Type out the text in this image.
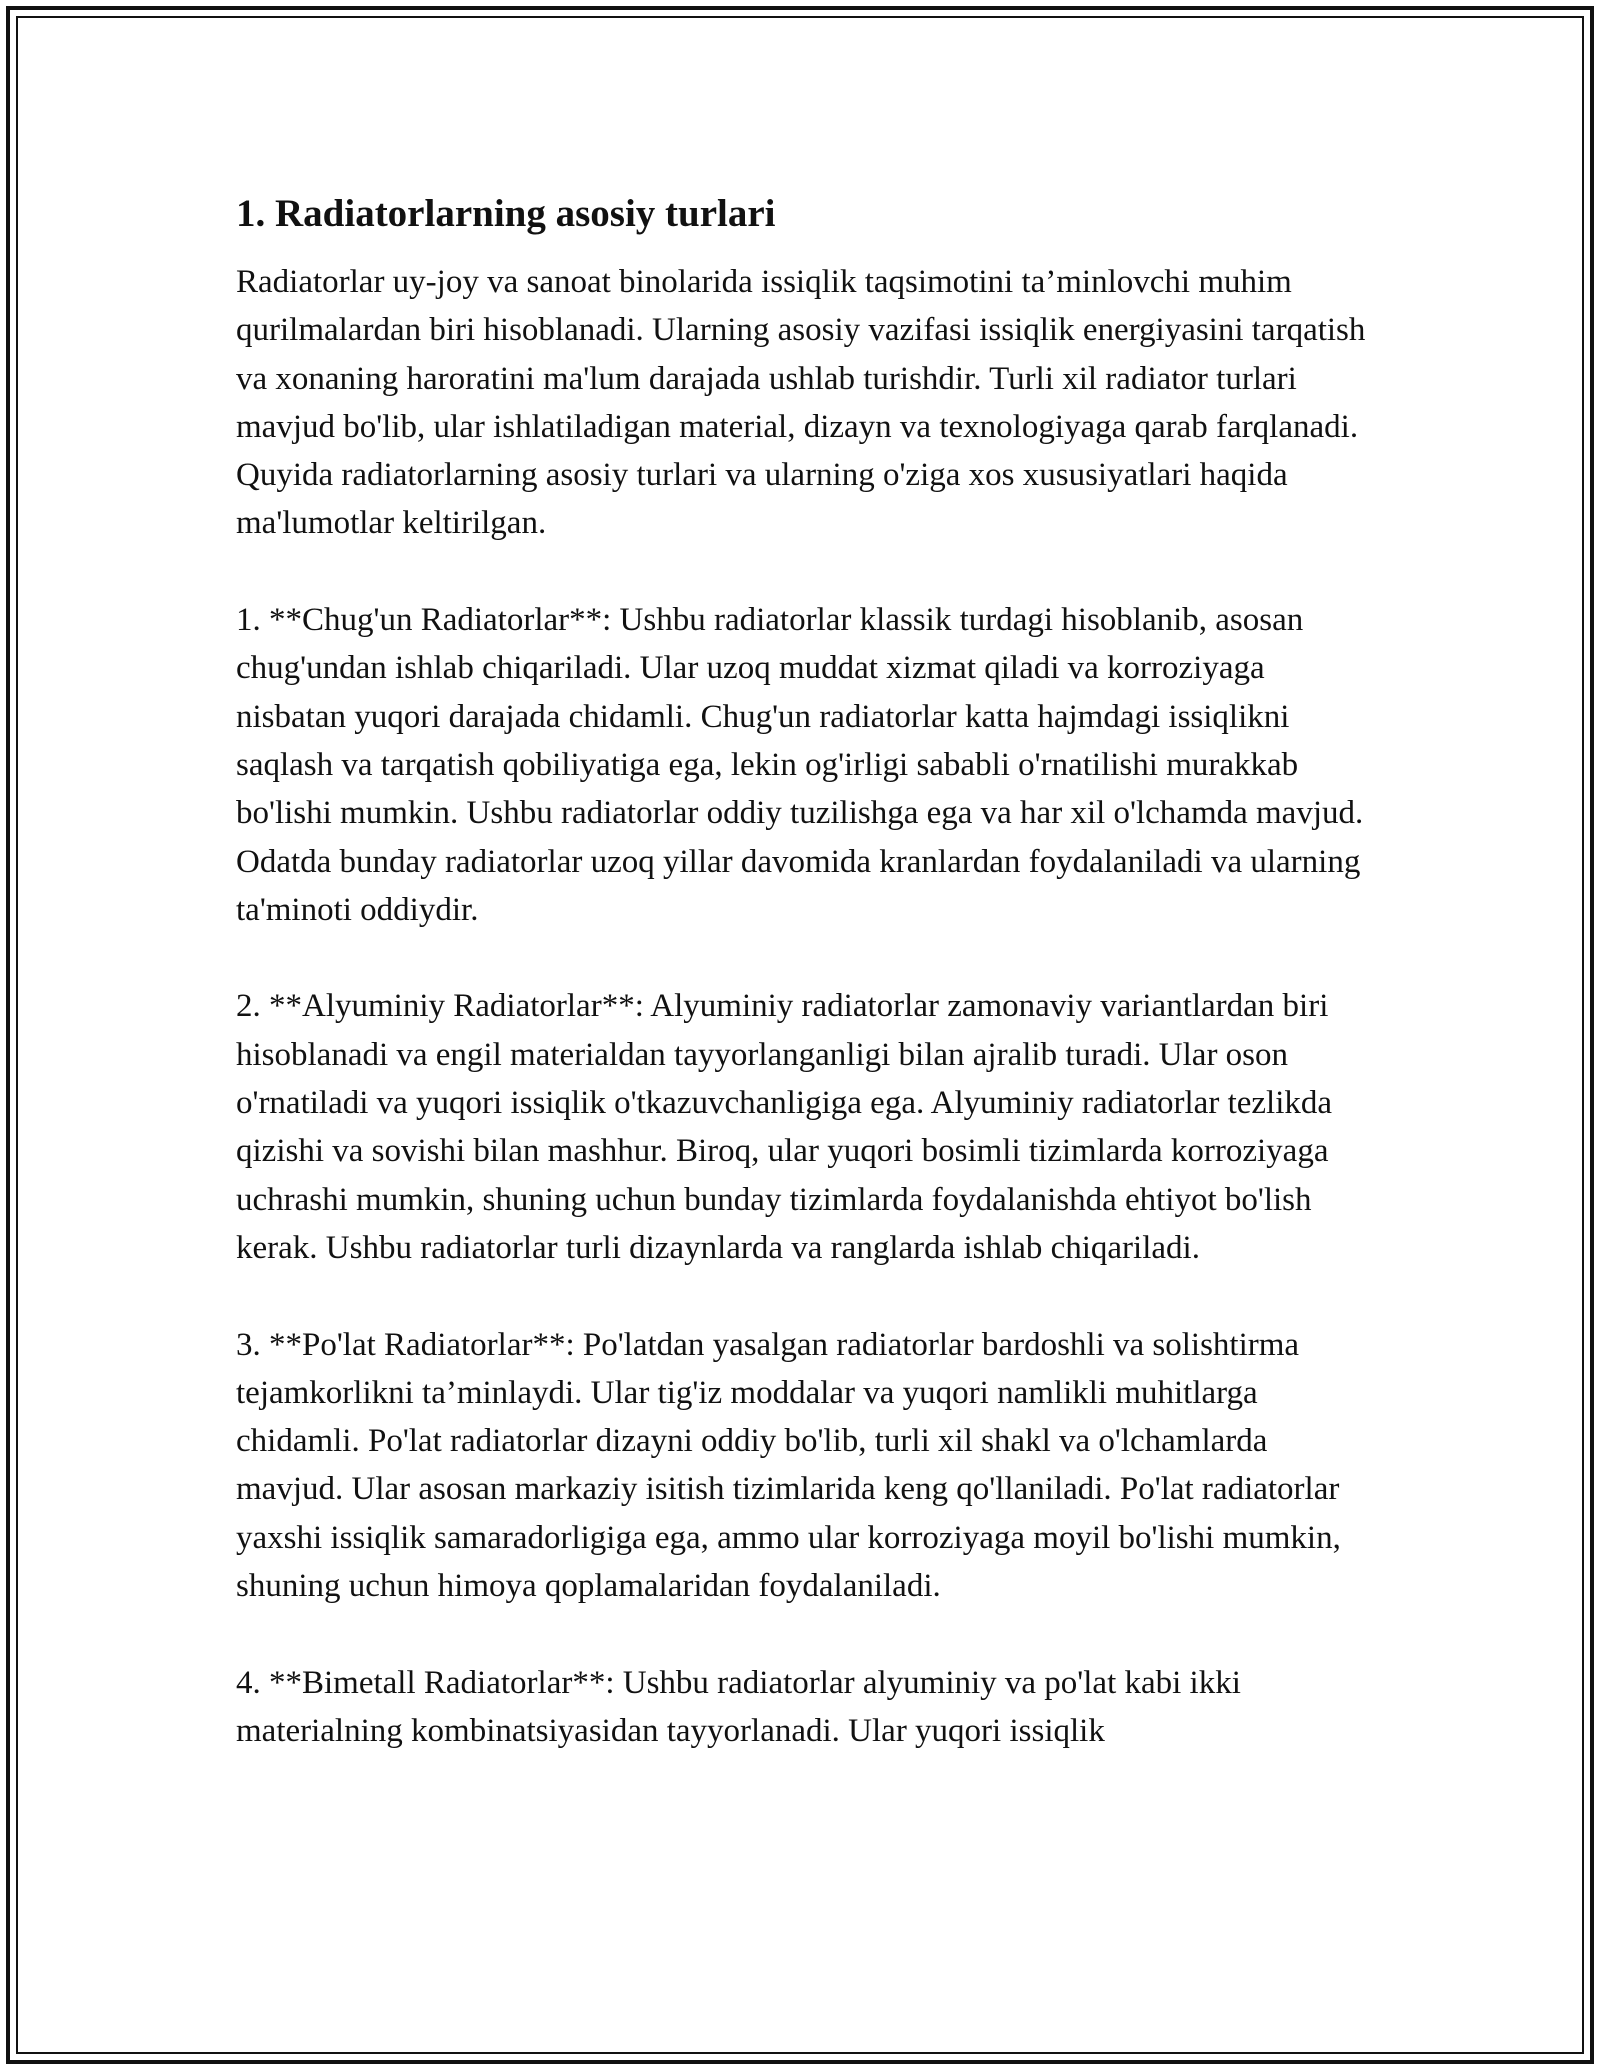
1. Radiatorlarning asosiy turlari

Radiatorlar uy-joy va sanoat binolarida issiqlik taqsimotini ta’minlovchi muhim qurilmalardan biri hisoblanadi. Ularning asosiy vazifasi issiqlik energiyasini tarqatish va xonaning haroratini ma'lum darajada ushlab turishdir. Turli xil radiator turlari mavjud bo'lib, ular ishlatiladigan material, dizayn va texnologiyaga qarab farqlanadi. Quyida radiatorlarning asosiy turlari va ularning o'ziga xos xususiyatlari haqida ma'lumotlar keltirilgan.

1. **Chug'un Radiatorlar**: Ushbu radiatorlar klassik turdagi hisoblanib, asosan chug'undan ishlab chiqariladi. Ular uzoq muddat xizmat qiladi va korroziyaga nisbatan yuqori darajada chidamli. Chug'un radiatorlar katta hajmdagi issiqlikni saqlash va tarqatish qobiliyatiga ega, lekin og'irligi sababli o'rnatilishi murakkab bo'lishi mumkin. Ushbu radiatorlar oddiy tuzilishga ega va har xil o'lchamda mavjud. Odatda bunday radiatorlar uzoq yillar davomida kranlardan foydalaniladi va ularning ta'minoti oddiydir.

2. **Alyuminiy Radiatorlar**: Alyuminiy radiatorlar zamonaviy variantlardan biri hisoblanadi va engil materialdan tayyorlanganligi bilan ajralib turadi. Ular oson o'rnatiladi va yuqori issiqlik o'tkazuvchanligiga ega. Alyuminiy radiatorlar tezlikda qizishi va sovishi bilan mashhur. Biroq, ular yuqori bosimli tizimlarda korroziyaga uchrashi mumkin, shuning uchun bunday tizimlarda foydalanishda ehtiyot bo'lish kerak. Ushbu radiatorlar turli dizaynlarda va ranglarda ishlab chiqariladi.

3. **Po'lat Radiatorlar**: Po'latdan yasalgan radiatorlar bardoshli va solishtirma tejamkorlikni ta’minlaydi. Ular tig'iz moddalar va yuqori namlikli muhitlarga chidamli. Po'lat radiatorlar dizayni oddiy bo'lib, turli xil shakl va o'lchamlarda mavjud. Ular asosan markaziy isitish tizimlarida keng qo'llaniladi. Po'lat radiatorlar yaxshi issiqlik samaradorligiga ega, ammo ular korroziyaga moyil bo'lishi mumkin, shuning uchun himoya qoplamalaridan foydalaniladi.

4. **Bimetall Radiatorlar**: Ushbu radiatorlar alyuminiy va po'lat kabi ikki materialning kombinatsiyasidan tayyorlanadi. Ular yuqori issiqlik
